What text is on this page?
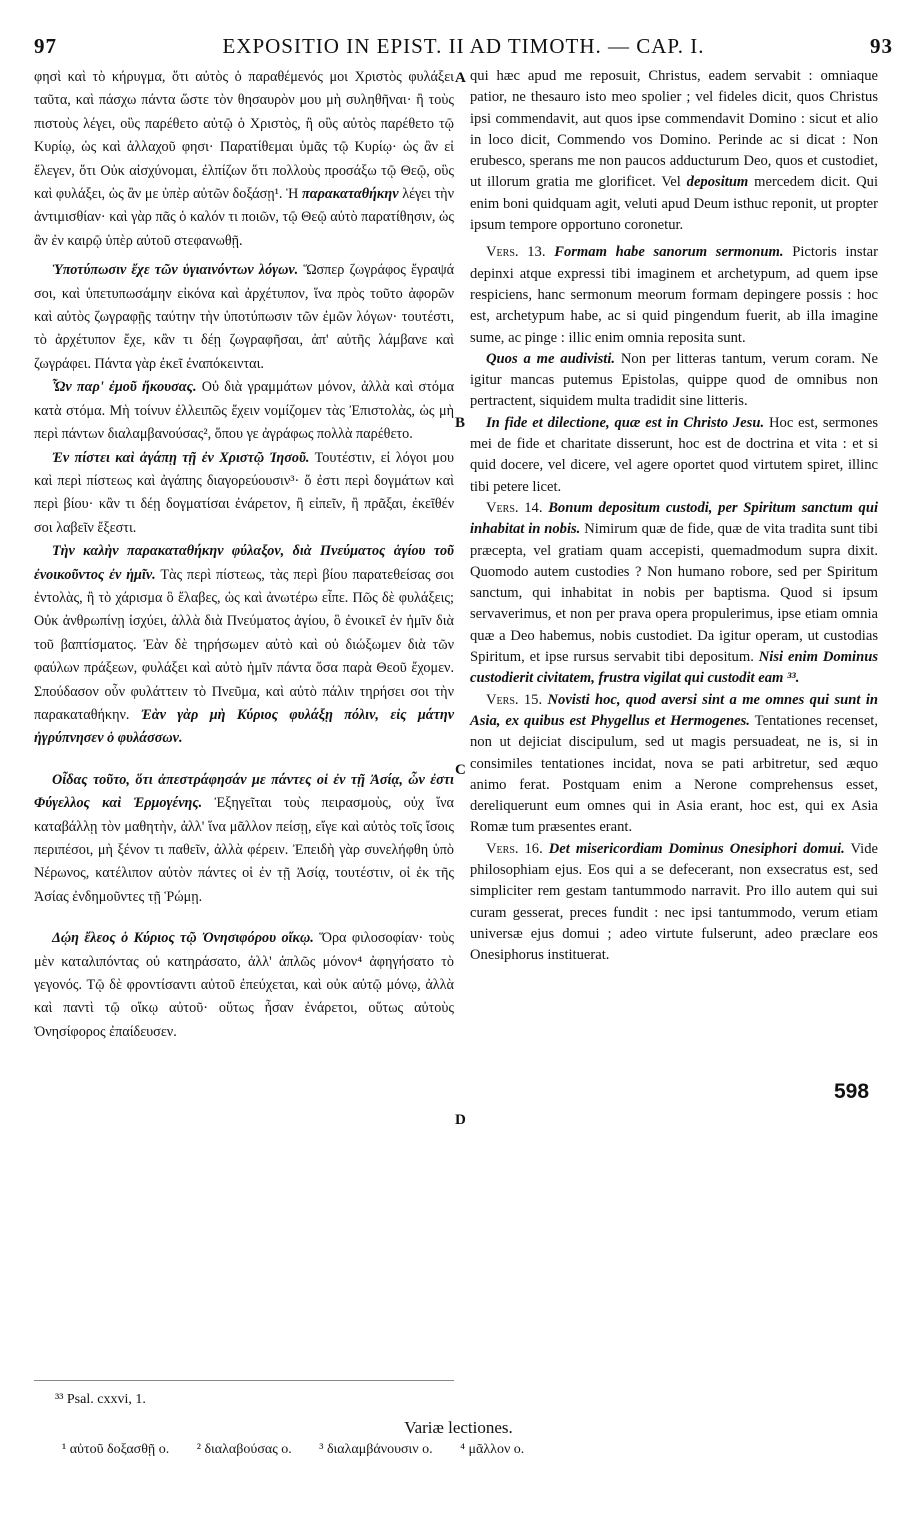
97	EXPOSITIO IN EPIST. II AD TIMOTH. — CAP. I.	93

φησὶ καὶ τὸ κήρυγμα, ὅτι αὐτὸς ὁ παραθέμενός μοι Χριστὸς φυλάξει ταῦτα, καὶ πάσχω πάντα ὥστε τὸν θησαυρὸν μου μὴ συληθῆναι· ἢ τοὺς πιστοὺς λέγει, οὓς παρέθετο αὐτῷ ὁ Χριστὸς, ἢ οὓς αὐτὸς παρέθετο τῷ Κυρίῳ, ὡς καὶ ἀλλαχοῦ φησι· Παρατίθεμαι ὑμᾶς τῷ Κυρίῳ· ὡς ἂν εἰ ἔλεγεν, ὅτι Οὐκ αἰσχύνομαι, ἐλπίζων ὅτι πολλοὺς προσάξω τῷ Θεῷ, οὓς καὶ φυλάξει, ὡς ἂν με ὑπὲρ αὐτῶν δοξάσῃ¹. Ἡ παρακαταθήκην λέγει τὴν ἀντιμισθίαν· καὶ γὰρ πᾶς ὁ καλόν τι ποιῶν, τῷ Θεῷ αὐτὸ παρατίθησιν, ὡς ἂν ἐν καιρῷ ὑπὲρ αὐτοῦ στεφανωθῇ.

Ὑποτύπωσιν ἔχε τῶν ὑγιαινόντων λόγων. Ὥσπερ ζωγράφος ἔγραψά σοι, καὶ ὑπετυπωσάμην εἰκόνα καὶ ἀρχέτυπον, ἵνα πρὸς τοῦτο ἀφορῶν καὶ αὐτὸς ζωγραφῇς ταύτην τὴν ὑποτύπωσιν τῶν ἐμῶν λόγων· τουτέστι, τὸ ἀρχέτυπον ἔχε, κἂν τι δέῃ ζωγραφῆσαι, ἀπ' αὐτῆς λάμβανε καὶ ζωγράφει. Πάντα γὰρ ἐκεῖ ἐναπόκεινται.

Ὧν παρ' ἐμοῦ ἤκουσας. Οὐ διὰ γραμμάτων μόνον, ἀλλὰ καὶ στόμα κατὰ στόμα. Μὴ τοίνυν ἐλλειπῶς ἔχειν νομίζομεν τὰς Ἐπιστολὰς, ὡς μὴ περὶ πάντων διαλαμβανούσας², ὅπου γε ἀγράφως πολλὰ παρέθετο.

Ἐν πίστει καὶ ἀγάπῃ τῇ ἐν Χριστῷ Ἰησοῦ. Τουτέστιν, εἰ λόγοι μου καὶ περὶ πίστεως καὶ ἀγάπης διαγορεύουσιν³· ὅ ἐστι περὶ δογμάτων καὶ περὶ βίου· κἂν τι δέῃ δογματίσαι ἐνάρετον, ἢ εἰπεῖν, ἢ πρᾶξαι, ἐκεῖθέν σοι λαβεῖν ἔξεστι.

Τὴν καλὴν παρακαταθήκην φύλαξον, διὰ Πνεύματος ἁγίου τοῦ ἐνοικοῦντος ἐν ἡμῖν. Τὰς περὶ πίστεως, τὰς περὶ βίου παρατεθείσας σοι ἐντολὰς, ἢ τὸ χάρισμα ὃ ἔλαβες, ὡς καὶ ἀνωτέρω εἶπε. Πῶς δὲ φυλάξεις; Οὐκ ἀνθρωπίνῃ ἰσχύει, ἀλλὰ διὰ Πνεύματος ἁγίου, ὃ ἐνοικεῖ ἐν ἡμῖν διὰ τοῦ βαπτίσματος. Ἐὰν δὲ τηρήσωμεν αὐτὸ καὶ οὐ διώξωμεν διὰ τῶν φαύλων πράξεων, φυλάξει καὶ αὐτὸ ἡμῖν πάντα ὅσα παρὰ Θεοῦ ἔχομεν. Σπούδασον οὖν φυλάττειν τὸ Πνεῦμα, καὶ αὐτὸ πάλιν τηρήσει σοι τὴν παρακαταθήκην. Ἐὰν γὰρ μὴ Κύριος φυλάξῃ πόλιν, εἰς μάτην ἠγρύπνησεν ὁ φυλάσσων.

Οἶδας τοῦτο, ὅτι ἀπεστράφησάν με πάντες οἱ ἐν τῇ Ἀσίᾳ, ὧν ἐστι Φύγελλος καὶ Ἑρμογένης. Ἐξηγεῖται τοὺς πειρασμοὺς, οὐχ ἵνα καταβάλλῃ τὸν μαθητὴν, ἀλλ' ἵνα μᾶλλον πείσῃ, εἴγε καὶ αὐτὸς τοῖς ἴσοις περιπέσοι, μὴ ξένον τι παθεῖν, ἀλλὰ φέρειν. Ἐπειδὴ γὰρ συνελήφθη ὑπὸ Νέρωνος, κατέλιπον αὐτὸν πάντες οἱ ἐν τῇ Ἀσίᾳ, τουτέστιν, οἱ ἐκ τῆς Ἀσίας ἐνδημοῦντες τῇ Ῥώμῃ.

Δῴη ἔλεος ὁ Κύριος τῷ Ὀνησιφόρου οἴκῳ. Ὅρα φιλοσοφίαν· τοὺς μὲν καταλιπόντας οὐ κατηράσατο, ἀλλ' ἁπλῶς μόνον⁴ ἀφηγήσατο τὸ γεγονός. Τῷ δὲ φροντίσαντι αὐτοῦ ἐπεύχεται, καὶ οὐκ αὐτῷ μόνῳ, ἀλλὰ καὶ παντὶ τῷ οἴκῳ αὐτοῦ· οὕτως ἦσαν ἐνάρετοι, οὕτως αὐτοὺς Ὀνησίφορος ἐπαίδευσεν.

qui hæc apud me reposuit, Christus, eadem servabit : omniaque patior, ne thesauro isto meo spolier ; vel fideles dicit, quos Christus ipsi commendavit, aut quos ipse commendavit Domino : sicut et alio in loco dicit, Commendo vos Domino. Perinde ac si dicat : Non erubesco, sperans me non paucos adducturum Deo, quos et custodiet, ut illorum gratia me glorificet. Vel depositum mercedem dicit. Qui enim boni quidquam agit, veluti apud Deum isthuc reponit, ut propter ipsum tempore opportuno coronetur.

Vers. 13. Formam habe sanorum sermonum. Pictoris instar depinxi atque expressi tibi imaginem et archetypum, ad quem ipse respiciens, hanc sermonum meorum formam depingere possis : hoc est, archetypum habe, ac si quid pingendum fuerit, ab illa imagine sume, ac pinge : illic enim omnia reposita sunt.

Quos a me audivisti. Non per litteras tantum, verum coram. Ne igitur mancas putemus Epistolas, quippe quod de omnibus non pertractent, siquidem multa tradidit sine litteris.

In fide et dilectione, quæ est in Christo Jesu. Hoc est, sermones mei de fide et charitate disserunt, hoc est de doctrina et vita : et si quid docere, vel dicere, vel agere oportet quod virtutem spiret, illinc tibi petere licet.

Vers. 14. Bonum depositum custodi, per Spiritum sanctum qui inhabitat in nobis. Nimirum quæ de fide, quæ de vita tradita sunt tibi præcepta, vel gratiam quam accepisti, quemadmodum supra dixit. Quomodo autem custodies ? Non humano robore, sed per Spiritum sanctum, qui inhabitat in nobis per baptisma. Quod si ipsum servaverimus, et non per prava opera propulerimus, ipse etiam omnia quæ a Deo habemus, nobis custodiet. Da igitur operam, ut custodias Spiritum, et ipse rursus servabit tibi depositum. Nisi enim Dominus custodierit civitatem, frustra vigilat qui custodit eam ³³.

Vers. 15. Novisti hoc, quod aversi sint a me omnes qui sunt in Asia, ex quibus est Phygellus et Hermogenes. Tentationes recenset, non ut dejiciat discipulum, sed ut magis persuadeat, ne is, si in consimiles tentationes incidat, nova se pati arbitretur, sed æquo animo ferat. Postquam enim a Nerone comprehensus esset, dereliquerunt eum omnes qui in Asia erant, hoc est, qui ex Asia Romæ tum præsentes erant.

Vers. 16. Det misericordiam Dominus Onesiphori domui. Vide philosophiam ejus. Eos qui a se defecerant, non exsecratus est, sed simpliciter rem gestam tantummodo narravit. Pro illo autem qui sui curam gesserat, preces fundit : nec ipsi tantummodo, verum etiam universæ ejus domui ; adeo virtute fulserunt, adeo præclare eos Onesiphorus instituerat.

A
B
C
D
598
³³ Psal. cxxvi, 1.
Variæ lectiones.
¹ αὐτοῦ δοξασθῇ o. ² διαλαβούσας o. ³ διαλαμβάνουσιν o. ⁴ μᾶλλον o.
